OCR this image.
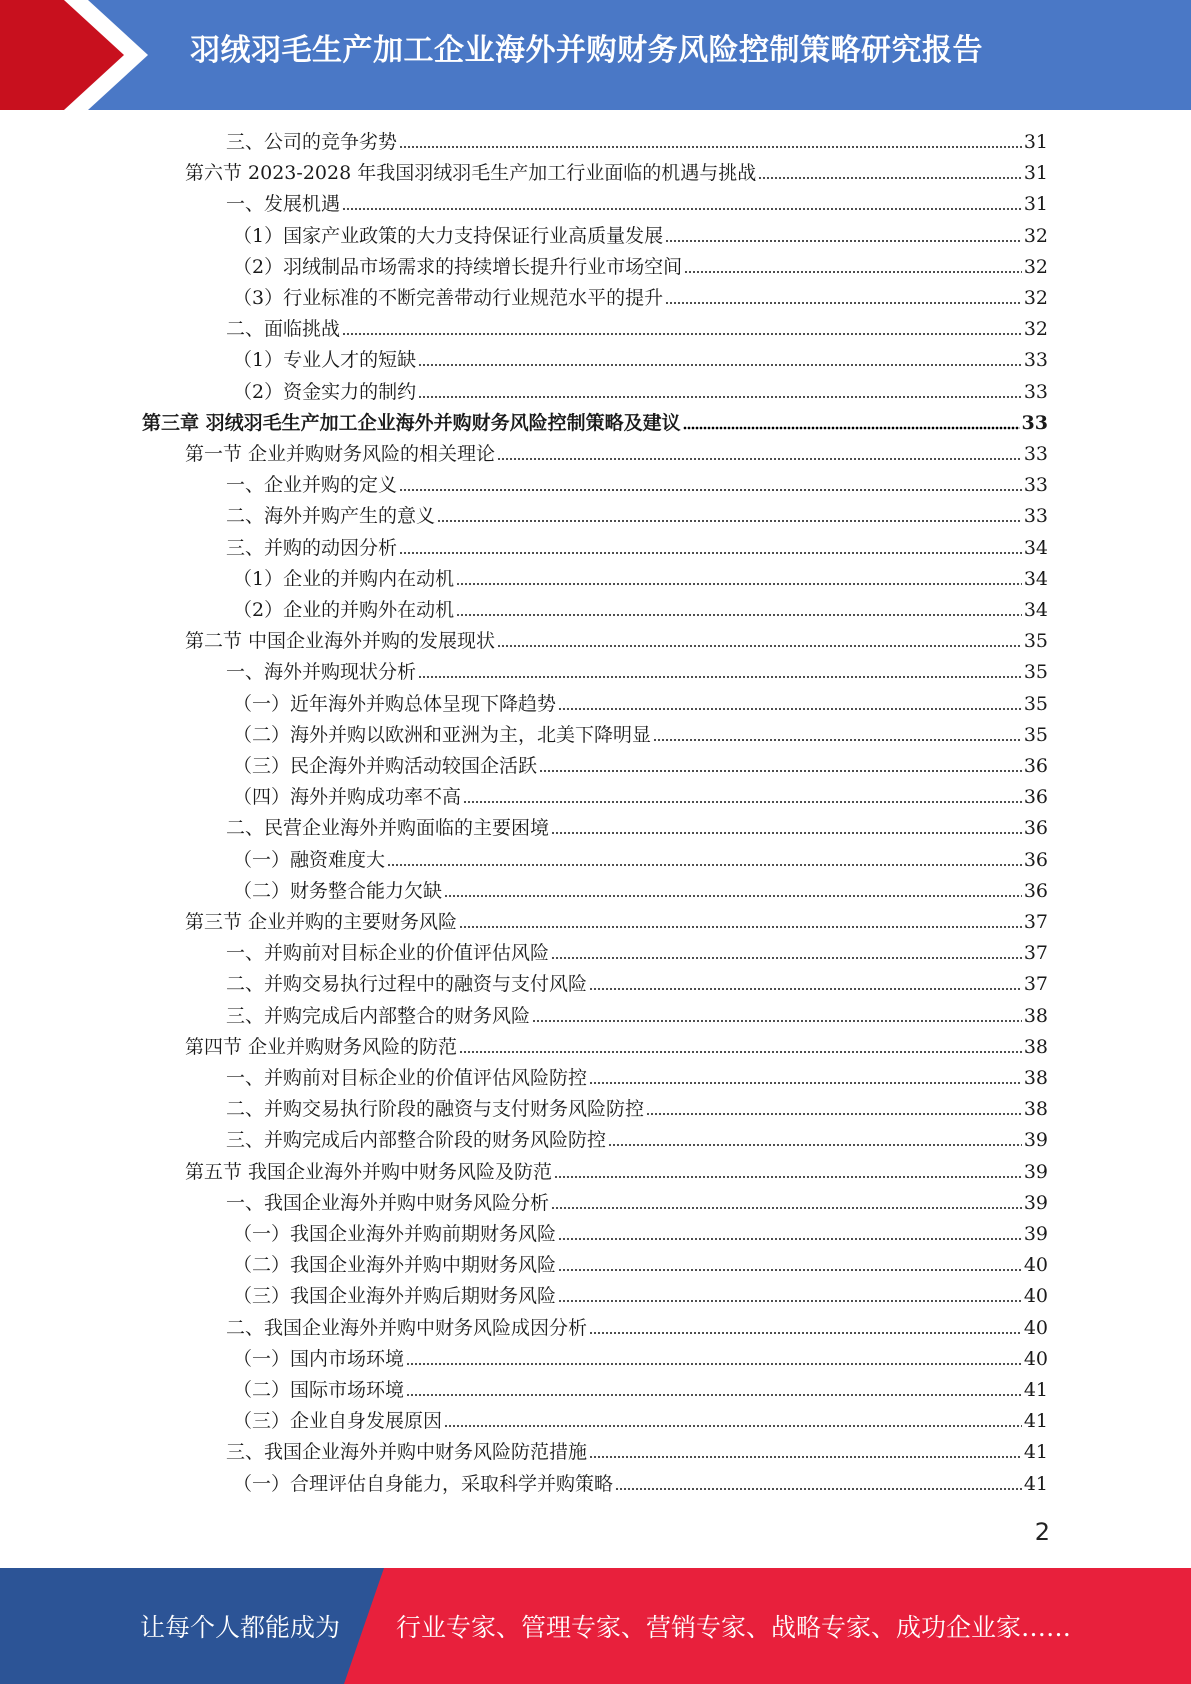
羽绒羽毛生产加工企业海外并购财务风险控制策略研究报告
三、公司的竞争劣势	31
第六节 2023-2028 年我国羽绒羽毛生产加工行业面临的机遇与挑战	31
一、发展机遇	31
（1）国家产业政策的大力支持保证行业高质量发展	32
（2）羽绒制品市场需求的持续增长提升行业市场空间	32
（3）行业标准的不断完善带动行业规范水平的提升	32
二、面临挑战	32
（1）专业人才的短缺	33
（2）资金实力的制约	33
第三章 羽绒羽毛生产加工企业海外并购财务风险控制策略及建议	33
第一节 企业并购财务风险的相关理论	33
一、企业并购的定义	33
二、海外并购产生的意义	33
三、并购的动因分析	34
（1）企业的并购内在动机	34
（2）企业的并购外在动机	34
第二节 中国企业海外并购的发展现状	35
一、海外并购现状分析	35
（一）近年海外并购总体呈现下降趋势	35
（二）海外并购以欧洲和亚洲为主，北美下降明显	35
（三）民企海外并购活动较国企活跃	36
（四）海外并购成功率不高	36
二、民营企业海外并购面临的主要困境	36
（一）融资难度大	36
（二）财务整合能力欠缺	36
第三节 企业并购的主要财务风险	37
一、并购前对目标企业的价值评估风险	37
二、并购交易执行过程中的融资与支付风险	37
三、并购完成后内部整合的财务风险	38
第四节 企业并购财务风险的防范	38
一、并购前对目标企业的价值评估风险防控	38
二、并购交易执行阶段的融资与支付财务风险防控	38
三、并购完成后内部整合阶段的财务风险防控	39
第五节 我国企业海外并购中财务风险及防范	39
一、我国企业海外并购中财务风险分析	39
（一）我国企业海外并购前期财务风险	39
（二）我国企业海外并购中期财务风险	40
（三）我国企业海外并购后期财务风险	40
二、我国企业海外并购中财务风险成因分析	40
（一）国内市场环境	40
（二）国际市场环境	41
（三）企业自身发展原因	41
三、我国企业海外并购中财务风险防范措施	41
（一）合理评估自身能力，采取科学并购策略	41
2
让每个人都能成为 行业专家、管理专家、营销专家、战略专家、成功企业家……
